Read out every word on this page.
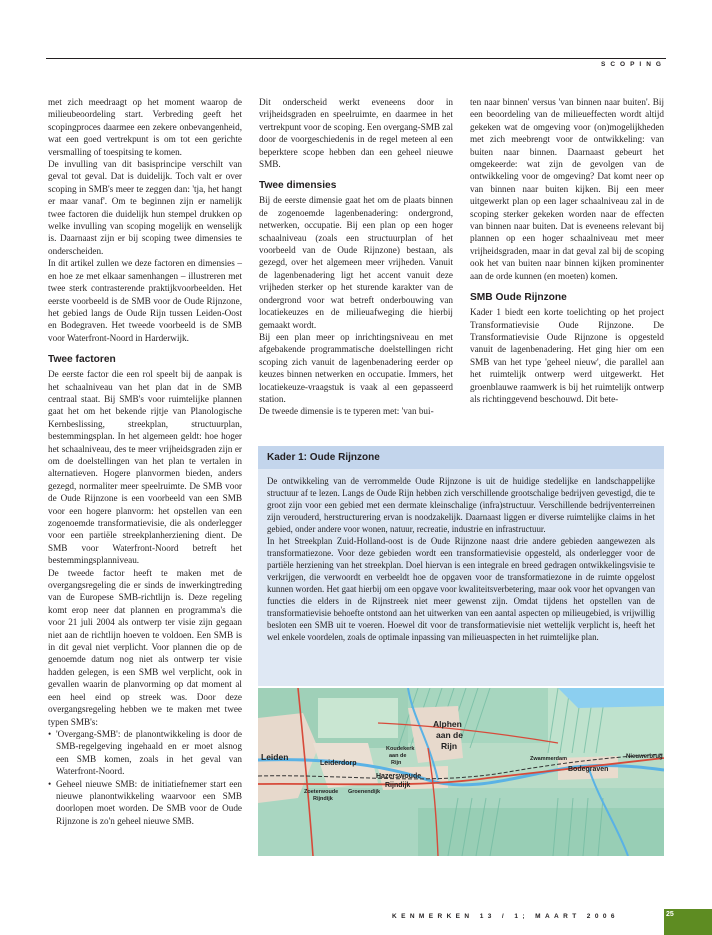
SCOPING

met zich meedraagt op het moment waarop de milieubeoordeling start. Verbreding geeft het scopingproces daarmee een zekere onbevangenheid, wat een goed vertrekpunt is om tot een gerichte versmalling of toespitsing te komen.

De invulling van dit basisprincipe verschilt van geval tot geval. Dat is duidelijk. Toch valt er over scoping in SMB's meer te zeggen dan: 'tja, het hangt er maar vanaf'. Om te beginnen zijn er namelijk twee factoren die duidelijk hun stempel drukken op welke invulling van scoping mogelijk en wenselijk is. Daarnaast zijn er bij scoping twee dimensies te onderscheiden.

In dit artikel zullen we deze factoren en dimensies – en hoe ze met elkaar samenhangen – illustreren met twee sterk contrasterende praktijkvoorbeelden. Het eerste voorbeeld is de SMB voor de Oude Rijnzone, het gebied langs de Oude Rijn tussen Leiden-Oost en Bodegraven. Het tweede voorbeeld is de SMB voor Waterfront-Noord in Harderwijk.

Twee factoren

De eerste factor die een rol speelt bij de aanpak is het schaalniveau van het plan dat in de SMB centraal staat. Bij SMB's voor ruimtelijke plannen gaat het om het bekende rijtje van Planologische Kernbeslissing, streekplan, structuurplan, bestemmingsplan. In het algemeen geldt: hoe hoger het schaalniveau, des te meer vrijheidsgraden zijn er om de doelstellingen van het plan te vertalen in alternatieven. Hogere planvormen bieden, anders gezegd, normaliter meer speelruimte. De SMB voor de Oude Rijnzone is een voorbeeld van een SMB voor een hogere planvorm: het opstellen van een zogenoemde transformatievisie, die als onderlegger voor een partiële streekplanherziening dient. De SMB voor Waterfront-Noord betreft het bestemmingsplanniveau.

De tweede factor heeft te maken met de overgangsregeling die er sinds de inwerkingtreding van de Europese SMB-richtlijn is. Deze regeling komt erop neer dat plannen en programma's die voor 21 juli 2004 als ontwerp ter visie zijn gegaan niet aan de richtlijn hoeven te voldoen. Een SMB is in dit geval niet verplicht. Voor plannen die op de genoemde datum nog niet als ontwerp ter visie hadden gelegen, is een SMB wel verplicht, ook in gevallen waarin de planvorming op dat moment al een heel eind op streek was. Door deze overgangsregeling hebben we te maken met twee typen SMB's:

• 'Overgang-SMB': de planontwikkeling is door de SMB-regelgeving ingehaald en er moet alsnog een SMB komen, zoals in het geval van Waterfront-Noord.
• Geheel nieuwe SMB: de initiatiefnemer start een nieuwe planontwikkeling waarvoor een SMB doorlopen moet worden. De SMB voor de Oude Rijnzone is zo'n geheel nieuwe SMB.

Dit onderscheid werkt eveneens door in vrijheidsgraden en speelruimte, en daarmee in het vertrekpunt voor de scoping. Een overgang-SMB zal door de voorgeschiedenis in de regel meteen al een beperktere scope hebben dan een geheel nieuwe SMB.

Twee dimensies

Bij de eerste dimensie gaat het om de plaats binnen de zogenoemde lagenbenadering: ondergrond, netwerken, occupatie. Bij een plan op een hoger schaalniveau (zoals een structuurplan of het voorbeeld van de Oude Rijnzone) bestaan, als gezegd, over het algemeen meer vrijheden. Vanuit de lagenbenadering ligt het accent vanuit deze vrijheden sterker op het sturende karakter van de ondergrond voor wat betreft onderbouwing van locatiekeuzes en de milieuafweging die hierbij gemaakt wordt.

Bij een plan meer op inrichtingsniveau en met afgebakende programmatische doelstellingen richt scoping zich vanuit de lagenbenadering eerder op keuzes binnen netwerken en occupatie. Immers, het locatiekeuze-vraagstuk is vaak al een gepasseerd station.

De tweede dimensie is te typeren met: 'van bui-

ten naar binnen' versus 'van binnen naar buiten'. Bij een beoordeling van de milieueffecten wordt altijd gekeken wat de omgeving voor (on)mogelijkheden met zich meebrengt voor de ontwikkeling: van buiten naar binnen. Daarnaast gebeurt het omgekeerde: wat zijn de gevolgen van de ontwikkeling voor de omgeving? Dat komt neer op van binnen naar buiten kijken. Bij een meer uitgewerkt plan op een lager schaalniveau zal in de scoping sterker gekeken worden naar de effecten van binnen naar buiten. Dat is eveneens relevant bij plannen op een hoger schaalniveau met meer vrijheidsgraden, maar in dat geval zal bij de scoping ook het van buiten naar binnen kijken prominenter aan de orde kunnen (en moeten) komen.

SMB Oude Rijnzone

Kader 1 biedt een korte toelichting op het project Transformatievisie Oude Rijnzone. De Transformatievisie Oude Rijnzone is opgesteld vanuit de lagenbenadering. Het ging hier om een SMB van het type 'geheel nieuw', die parallel aan het ruimtelijk ontwerp werd uitgewerkt. Het groenblauwe raamwerk is bij het ruimtelijk ontwerp als richtinggevend beschouwd. Dit bete-

Kader 1: Oude Rijnzone

De ontwikkeling van de verrommelde Oude Rijnzone is uit de huidige stedelijke en landschappelijke structuur af te lezen. Langs de Oude Rijn hebben zich verschillende grootschalige bedrijven gevestigd, die te groot zijn voor een gebied met een dermate kleinschalige (infra)structuur. Verschillende bedrijventerreinen zijn verouderd, herstructurering ervan is noodzakelijk. Daarnaast liggen er diverse ruimtelijke claims in het gebied, onder andere voor wonen, natuur, recreatie, industrie en infrastructuur.

In het Streekplan Zuid-Holland-oost is de Oude Rijnzone naast drie andere gebieden aangewezen als transformatiezone. Voor deze gebieden wordt een transformatievisie opgesteld, als onderlegger voor de partiële herziening van het streekplan. Doel hiervan is een integrale en breed gedragen ontwikkelingsvisie te verkrijgen, die verwoordt en verbeeldt hoe de opgaven voor de transformatiezone in de ruimte opgelost kunnen worden. Het gaat hierbij om een opgave voor kwaliteitsverbetering, maar ook voor het opvangen van functies die elders in de Rijnstreek niet meer gewenst zijn. Omdat tijdens het opstellen van de transformatievisie behoefte ontstond aan het uitwerken van een aantal aspecten op milieugebied, is vrijwillig besloten een SMB uit te voeren. Hoewel dit voor de transformatievisie niet wettelijk verplicht is, heeft het wel enkele voordelen, zoals de optimale inpassing van milieuaspecten in het ruimtelijke plan.

Leiden
Leiderdorp
Alphen
aan de
Rijn
Koudekerk
aan de
Rijn
Hazerswoude
Rijndijk
Zoeterwoude
Rijndijk
Groenendijk
Zwammerdam
Bodegraven
Nieuwerbrug
KENMERKEN 13 / 1; MAART 2006	25
